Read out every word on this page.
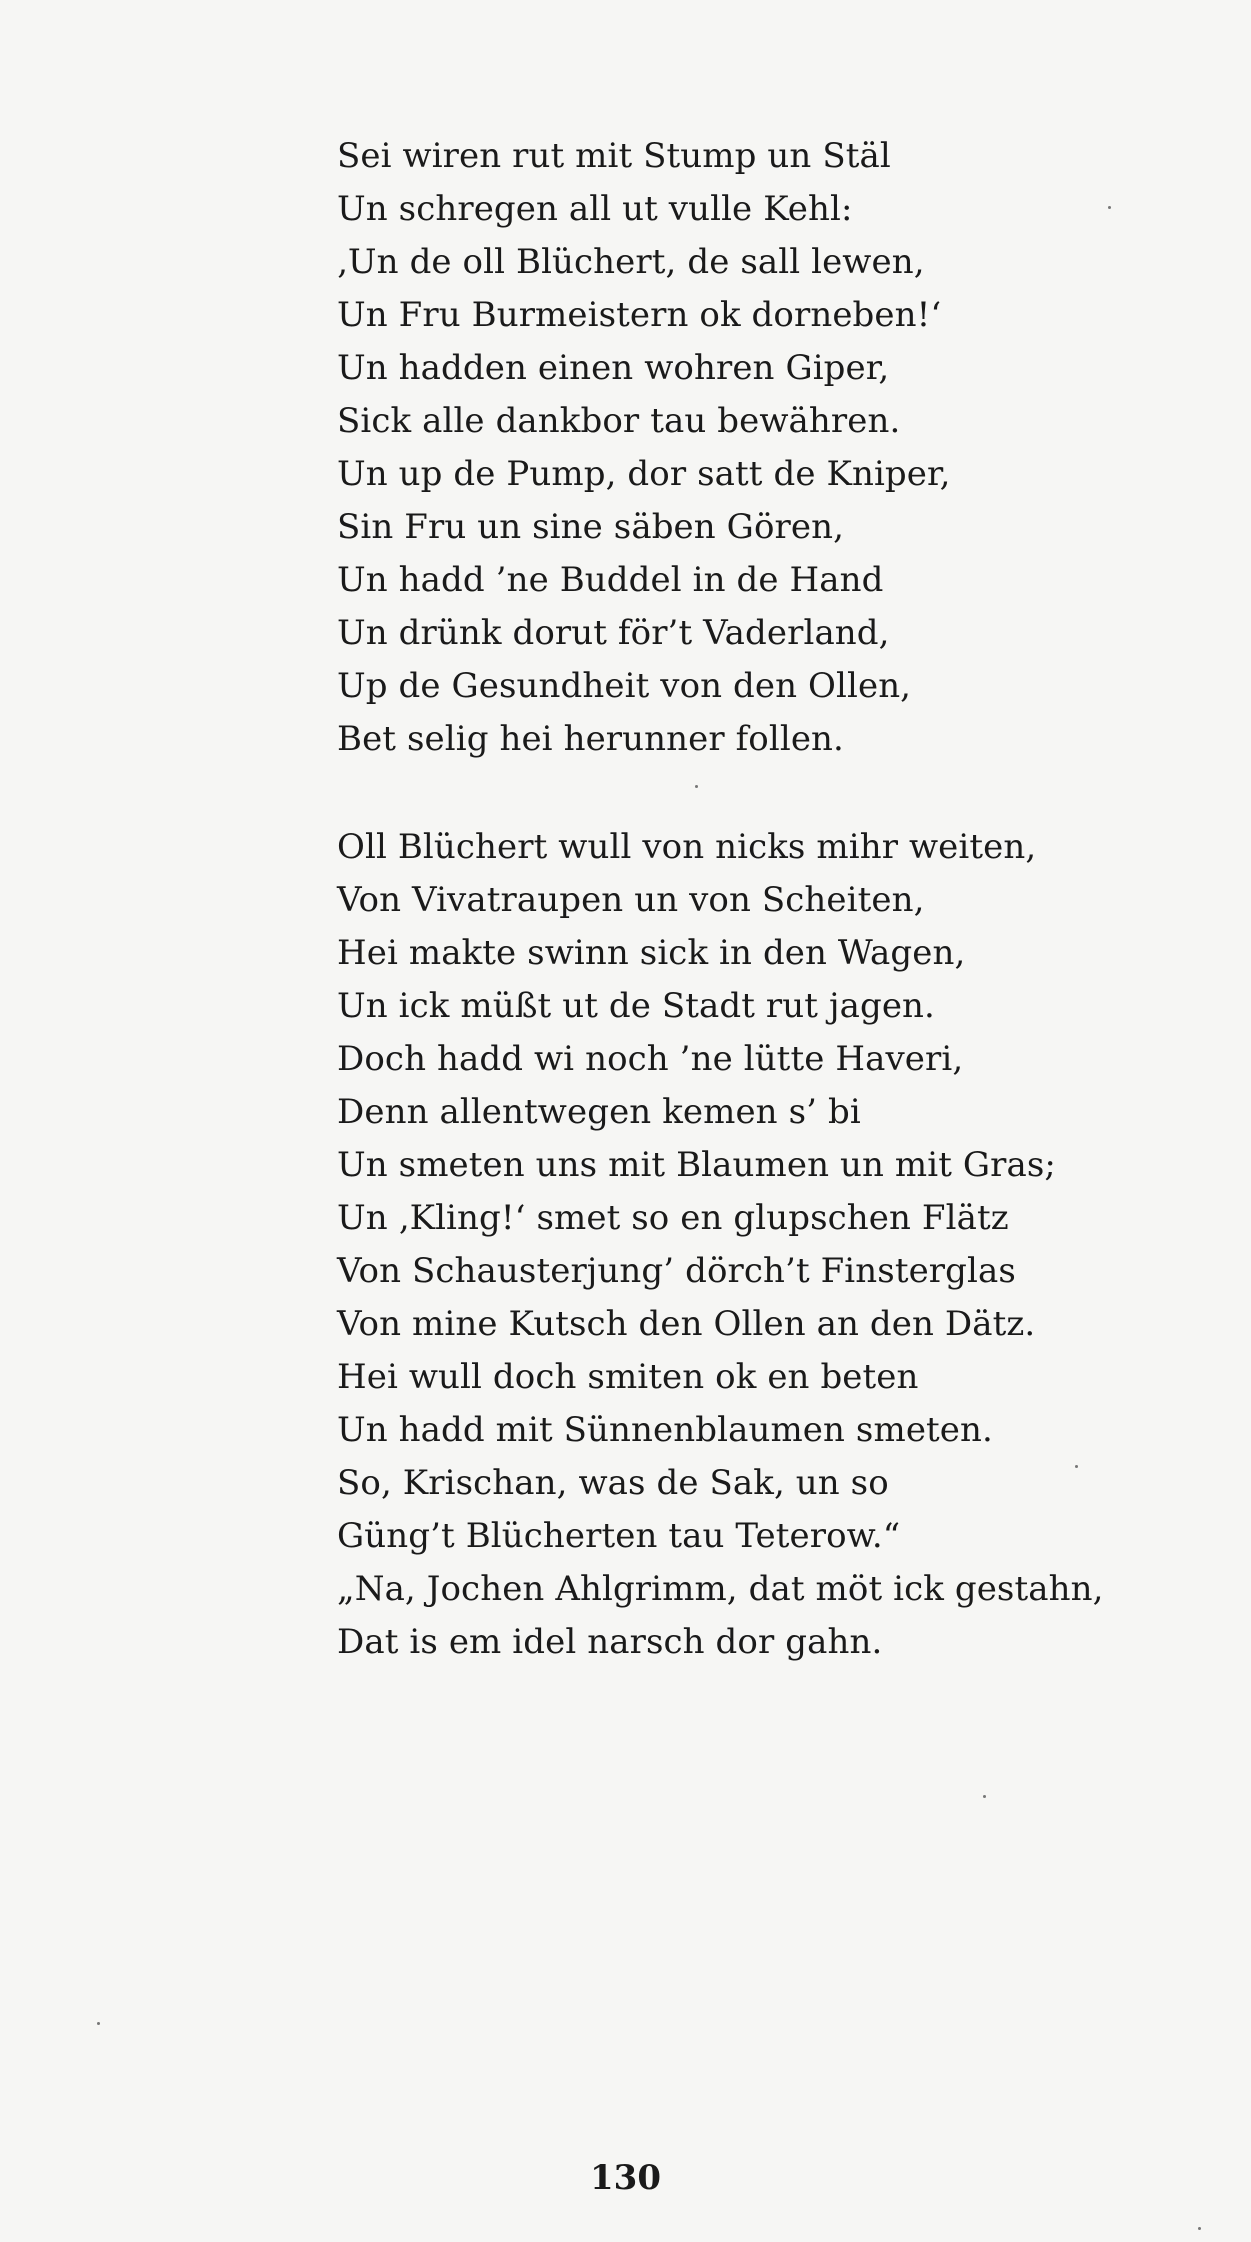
Sei wiren rut mit Stump un Stäl
Un schregen all ut vulle Kehl:
‚Un de oll Blüchert, de sall lewen,
Un Fru Burmeistern ok dorneben!‘
Un hadden einen wohren Giper,
Sick alle dankbor tau bewähren.
Un up de Pump, dor satt de Kniper,
Sin Fru un sine säben Gören,
Un hadd ’ne Buddel in de Hand
Un drünk dorut för’t Vaderland,
Up de Gesundheit von den Ollen,
Bet selig hei herunner follen.
Oll Blüchert wull von nicks mihr weiten,
Von Vivatraupen un von Scheiten,
Hei makte swinn sick in den Wagen,
Un ick müßt ut de Stadt rut jagen.
Doch hadd wi noch ’ne lütte Haveri,
Denn allentwegen kemen s’ bi
Un smeten uns mit Blaumen un mit Gras;
Un ‚Kling!‘ smet so en glupschen Flätz
Von Schausterjung’ dörch’t Finsterglas
Von mine Kutsch den Ollen an den Dätz.
Hei wull doch smiten ok en beten
Un hadd mit Sünnenblaumen smeten.
So, Krischan, was de Sak, un so
Güng’t Blücherten tau Teterow.“
„Na, Jochen Ahlgrimm, dat möt ick gestahn,
Dat is em idel narsch dor gahn.
130
